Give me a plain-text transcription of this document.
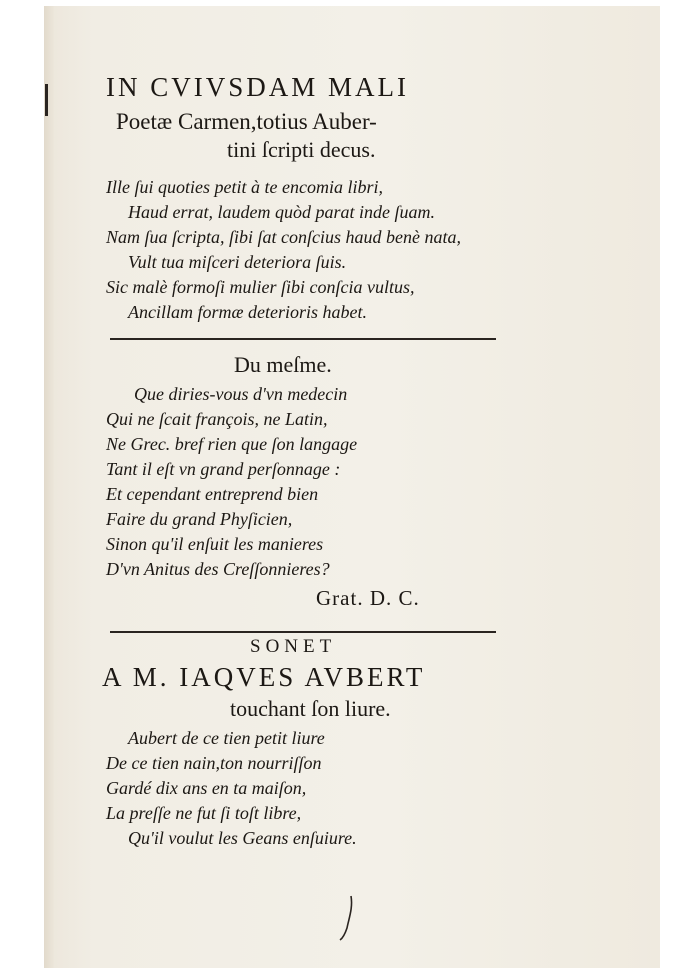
IN CVIVSDAM MALI
Poetæ Carmen,totius Auber-
tini ſcripti decus.
Ille ſui quoties petit à te encomia libri,
Haud errat, laudem quòd parat inde ſuam.
Nam ſua ſcripta, ſibi ſat conſcius haud benè nata,
Vult tua miſceri deteriora ſuis.
Sic malè formoſi mulier ſibi conſcia vultus,
Ancillam formæ deterioris habet.
Du meſme.
Que diries-vous d'vn medecin
Qui ne ſcait françois, ne Latin,
Ne Grec. bref rien que ſon langage
Tant il eſt vn grand perſonnage :
Et cependant entreprend bien
Faire du grand Phyſicien,
Sinon qu'il enſuit les manieres
D'vn Anitus des Creſſonnieres?
Grat. D. C.
SONET
A M. IAQVES AVBERT
touchant ſon liure.
Aubert de ce tien petit liure
De ce tien nain,ton nourriſſon
Gardé dix ans en ta maiſon,
La preſſe ne fut ſi toſt libre,
Qu'il voulut les Geans enſuiure.
